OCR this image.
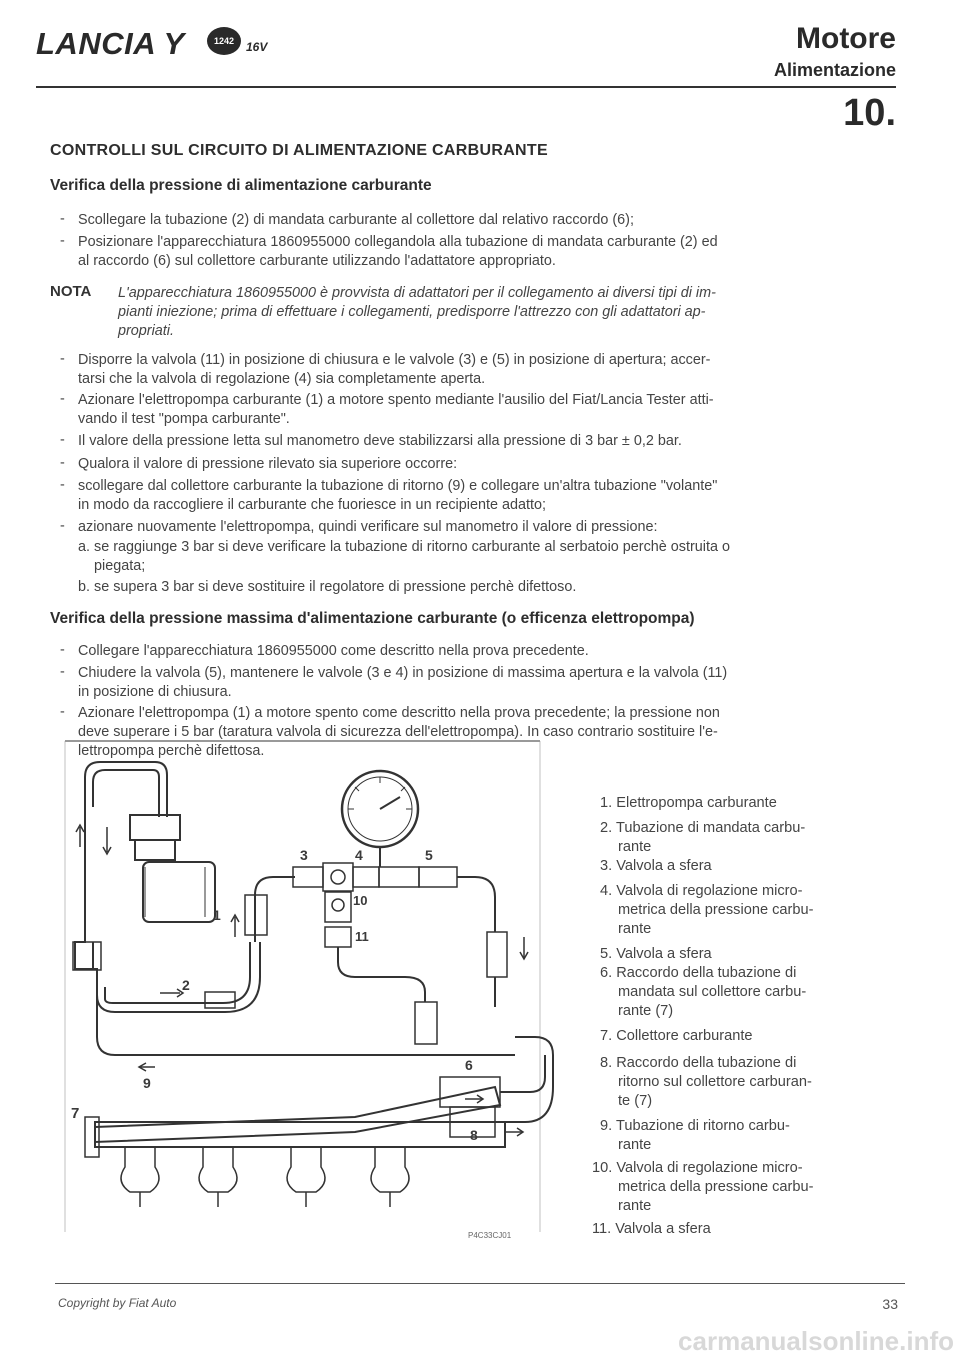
LANCIA Y	1242 16V	Motore
Alimentazione
10.
CONTROLLI SUL CIRCUITO DI ALIMENTAZIONE CARBURANTE
Verifica della pressione di alimentazione carburante
- Scollegare la tubazione (2) di mandata carburante al collettore dal relativo raccordo (6);
- Posizionare l'apparecchiatura 1860955000 collegandola alla tubazione di mandata carburante (2) ed
al raccordo (6) sul collettore carburante utilizzando l'adattatore appropriato.
NOTA L'apparecchiatura 1860955000 è provvista di adattatori per il collegamento ai diversi tipi di im-
pianti iniezione; prima di effettuare i collegamenti, predisporre l'attrezzo con gli adattatori ap-
propriati.
- Disporre la valvola (11) in posizione di chiusura e le valvole (3) e (5) in posizione di apertura; accer-
tarsi che la valvola di regolazione (4) sia completamente aperta.
- Azionare l'elettropompa carburante (1) a motore spento mediante l'ausilio del Fiat/Lancia Tester atti-
vando il test "pompa carburante".
- Il valore della pressione letta sul manometro deve stabilizzarsi alla pressione di 3 bar ± 0,2 bar.
- Qualora il valore di pressione rilevato sia superiore occorre:
- scollegare dal collettore carburante la tubazione di ritorno (9) e collegare un'altra tubazione "volante"
in modo da raccogliere il carburante che fuoriesce in un recipiente adatto;
- azionare nuovamente l'elettropompa, quindi verificare sul manometro il valore di pressione:
a. se raggiunge 3 bar si deve verificare la tubazione di ritorno carburante al serbatoio perchè ostruita o
piegata;
b. se supera 3 bar si deve sostituire il regolatore di pressione perchè difettoso.
Verifica della pressione massima d'alimentazione carburante (o efficenza elettropompa)
- Collegare l'apparecchiatura 1860955000 come descritto nella prova precedente.
- Chiudere la valvola (5), mantenere le valvole (3 e 4) in posizione di massima apertura e la valvola (11)
in posizione di chiusura.
- Azionare l'elettropompa (1) a motore spento come descritto nella prova precedente; la pressione non
deve superare i 5 bar (taratura valvola di sicurezza dell'elettropompa). In caso contrario sostituire l'e-
lettropompa perchè difettosa.
1
2
3	4	5
6
7
8
9
10
11
P4C33CJ01
1. Elettropompa carburante
2. Tubazione di mandata carbu-
rante
3. Valvola a sfera
4. Valvola di regolazione micro-
metrica della pressione carbu-
rante
5. Valvola a sfera
6. Raccordo della tubazione di
mandata sul collettore carbu-
rante (7)
7. Collettore carburante
8. Raccordo della tubazione di
ritorno sul collettore carburan-
te (7)
9. Tubazione di ritorno carbu-
rante
10. Valvola di regolazione micro-
metrica della pressione carbu-
rante
11. Valvola a sfera
Copyright by Fiat Auto	33
carmanualsonline.info
